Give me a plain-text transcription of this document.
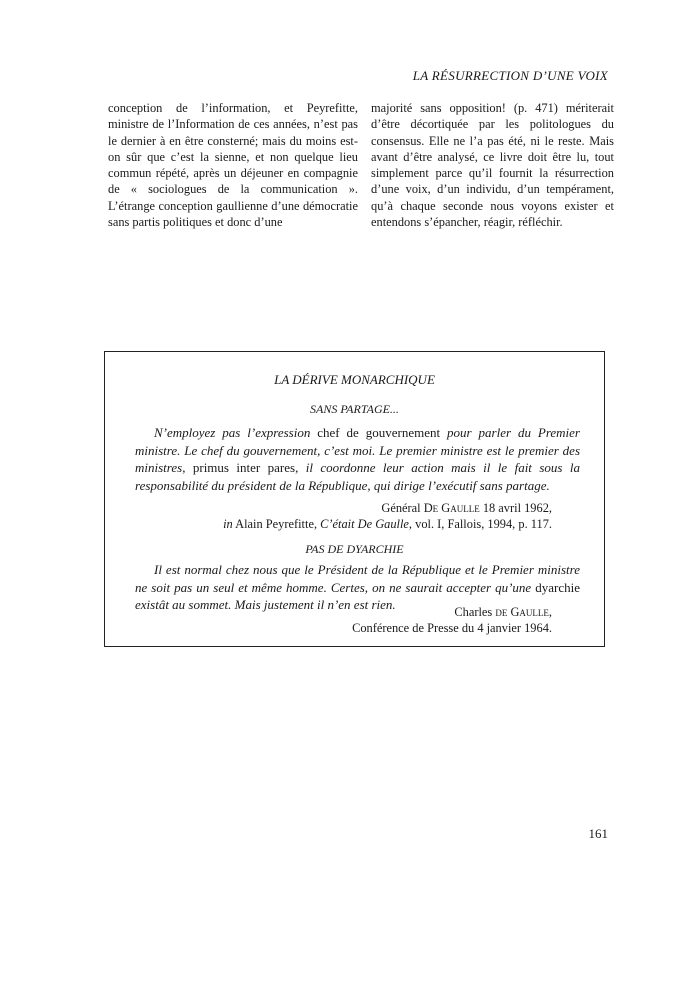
LA RÉSURRECTION D’UNE VOIX
conception de l’information, et Peyrefitte, ministre de l’Information de ces années, n’est pas le dernier à en être consterné; mais du moins est-on sûr que c’est la sienne, et non quelque lieu commun répété, après un déjeuner en compagnie de « sociologues de la communication ». L’étrange conception gaullienne d’une démocratie sans partis politiques et donc d’une
majorité sans opposition! (p. 471) mériterait d’être décortiquée par les politologues du consensus. Elle ne l’a pas été, ni le reste. Mais avant d’être analysé, ce livre doit être lu, tout simplement parce qu’il fournit la résurrection d’une voix, d’un individu, d’un tempérament, qu’à chaque seconde nous voyons exister et entendons s’épancher, réagir, réfléchir.
LA DÉRIVE MONARCHIQUE
SANS PARTAGE...

N’employez pas l’expression chef de gouvernement pour parler du Premier ministre. Le chef du gouvernement, c’est moi. Le premier ministre est le premier des ministres, primus inter pares, il coordonne leur action mais il le fait sous la responsabilité du président de la République, qui dirige l’exécutif sans partage.

Général De Gaulle 18 avril 1962,
in Alain Peyrefitte, C’était De Gaulle, vol. I, Fallois, 1994, p. 117.
PAS DE DYARCHIE

Il est normal chez nous que le Président de la République et le Premier ministre ne soit pas un seul et même homme. Certes, on ne saurait accepter qu’une dyarchie existât au sommet. Mais justement il n’en est rien.	Charles de Gaulle,
Conférence de Presse du 4 janvier 1964.
161
